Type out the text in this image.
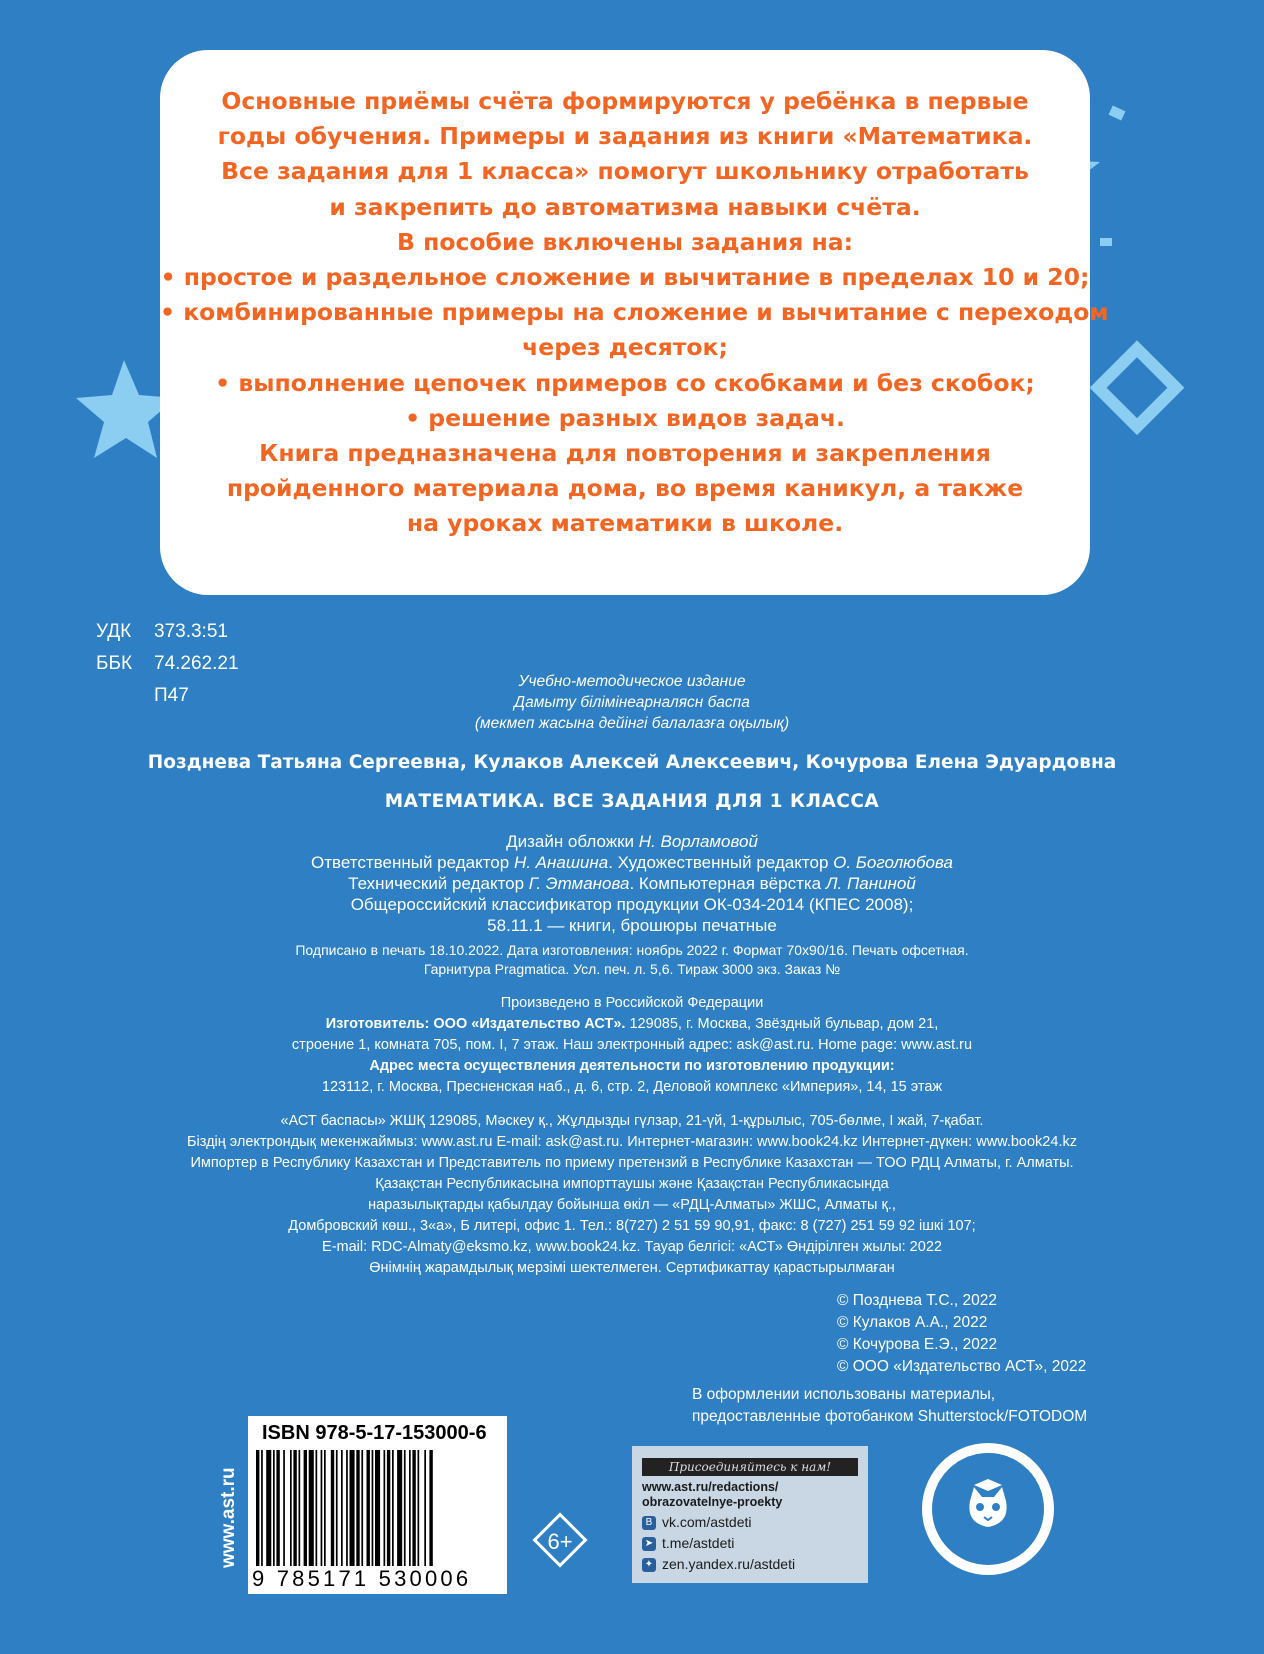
Основные приёмы счёта формируются у ребёнка в первые
годы обучения. Примеры и задания из книги «Математика.
Все задания для 1 класса» помогут школьнику отработать
и закрепить до автоматизма навыки счёта.
В пособие включены задания на:
• простое и раздельное сложение и вычитание в пределах 10 и 20;
• комбинированные примеры на сложение и вычитание с переходом
через десяток;
• выполнение цепочек примеров со скобками и без скобок;
• решение разных видов задач.
Книга предназначена для повторения и закрепления
пройденного материала дома, во время каникул, а также
на уроках математики в школе.
УДК	373.3:51
ББК	74.262.21
П47
Учебно-методическое издание
Дамыту білімінеарналясн баспа
(мекмеп жасына дейінгі балалазға оқылық)
Позднева Татьяна Сергеевна, Кулаков Алексей Алексеевич, Кочурова Елена Эдуардовна
МАТЕМАТИКА. ВСЕ ЗАДАНИЯ ДЛЯ 1 КЛАССА
Дизайн обложки Н. Ворламовой
Ответственный редактор Н. Анашина. Художественный редактор О. Боголюбова
Технический редактор Г. Этманова. Компьютерная вёрстка Л. Паниной
Общероссийский классификатор продукции ОК-034-2014 (КПЕС 2008);
58.11.1 — книги, брошюры печатные
Подписано в печать 18.10.2022. Дата изготовления: ноябрь 2022 г. Формат 70x90/16. Печать офсетная.
Гарнитура Pragmatica. Усл. печ. л. 5,6. Тираж 3000 экз. Заказ №
Произведено в Российской Федерации
Изготовитель: ООО «Издательство АСТ». 129085, г. Москва, Звёздный бульвар, дом 21,
строение 1, комната 705, пом. I, 7 этаж. Наш электронный адрес: ask@ast.ru. Home page: www.ast.ru
Адрес места осуществления деятельности по изготовлению продукции:
123112, г. Москва, Пресненская наб., д. 6, стр. 2, Деловой комплекс «Империя», 14, 15 этаж
«АСТ баспасы» ЖШҚ 129085, Мәскеу қ., Жұлдызды гүлзар, 21-үй, 1-құрылыс, 705-бөлме, I жай, 7-қабат.
Біздің электрондық мекенжаймыз: www.ast.ru E-mail: ask@ast.ru. Интернет-магазин: www.book24.kz Интернет-дүкен: www.book24.kz
Импортер в Республику Казахстан и Представитель по приему претензий в Республике Казахстан — ТОО РДЦ Алматы, г. Алматы.
Қазақстан Республикасына импорттаушы және Қазақстан Республикасында
наразылықтарды қабылдау бойынша өкіл — «РДЦ-Алматы» ЖШС, Алматы қ.,
Домбровский көш., 3«а», Б литері, офис 1. Тел.: 8(727) 2 51 59 90,91, факс: 8 (727) 251 59 92 ішкі 107;
E-mail: RDC-Almaty@eksmo.kz, www.book24.kz. Тауар белгісі: «АСТ» Өндірілген жылы: 2022
Өнімнің жарамдылық мерзімі шектелмеген. Сертификаттау қарастырылмаған
© Позднева Т.С., 2022
© Кулаков А.А., 2022
© Кочурова Е.Э., 2022
© ООО «Издательство АСТ», 2022
В оформлении использованы материалы,
предоставленные фотобанком Shutterstock/FOTODOM
www.ast.ru
ISBN 978-5-17-153000-6
9 785171 530006
6+
Присоединяйтесь к нам!
www.ast.ru/redactions/
obrazovatelnye-proekty
B vk.com/astdeti
➤ t.me/astdeti
✦ zen.yandex.ru/astdeti
ОБРАЗОВАТЕЛЬНЫЕ
ПРОЕКТЫ
